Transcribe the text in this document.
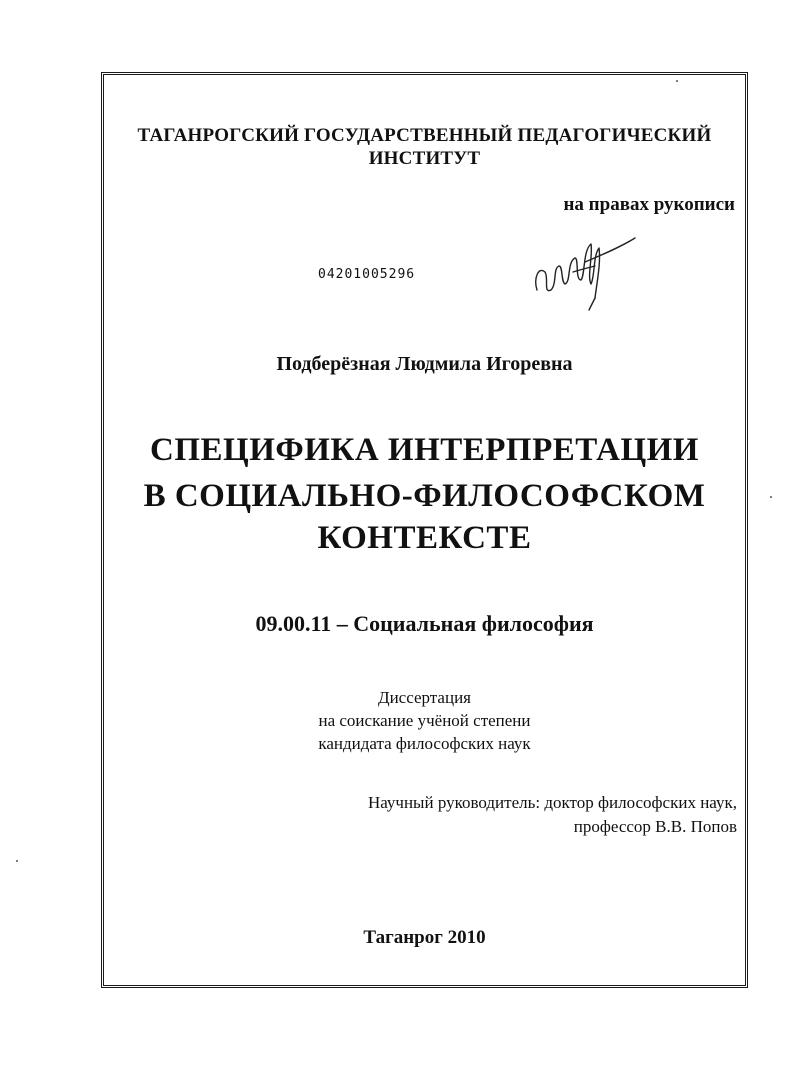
ТАГАНРОГСКИЙ ГОСУДАРСТВЕННЫЙ ПЕДАГОГИЧЕСКИЙ
ИНСТИТУТ
на правах рукописи
04201005296
Подберёзная Людмила Игоревна
СПЕЦИФИКА ИНТЕРПРЕТАЦИИ
В СОЦИАЛЬНО-ФИЛОСОФСКОМ
КОНТЕКСТЕ
09.00.11 – Социальная философия
Диссертация
на соискание учёной степени
кандидата философских наук
Научный руководитель: доктор философских наук,
профессор В.В. Попов
Таганрог 2010
